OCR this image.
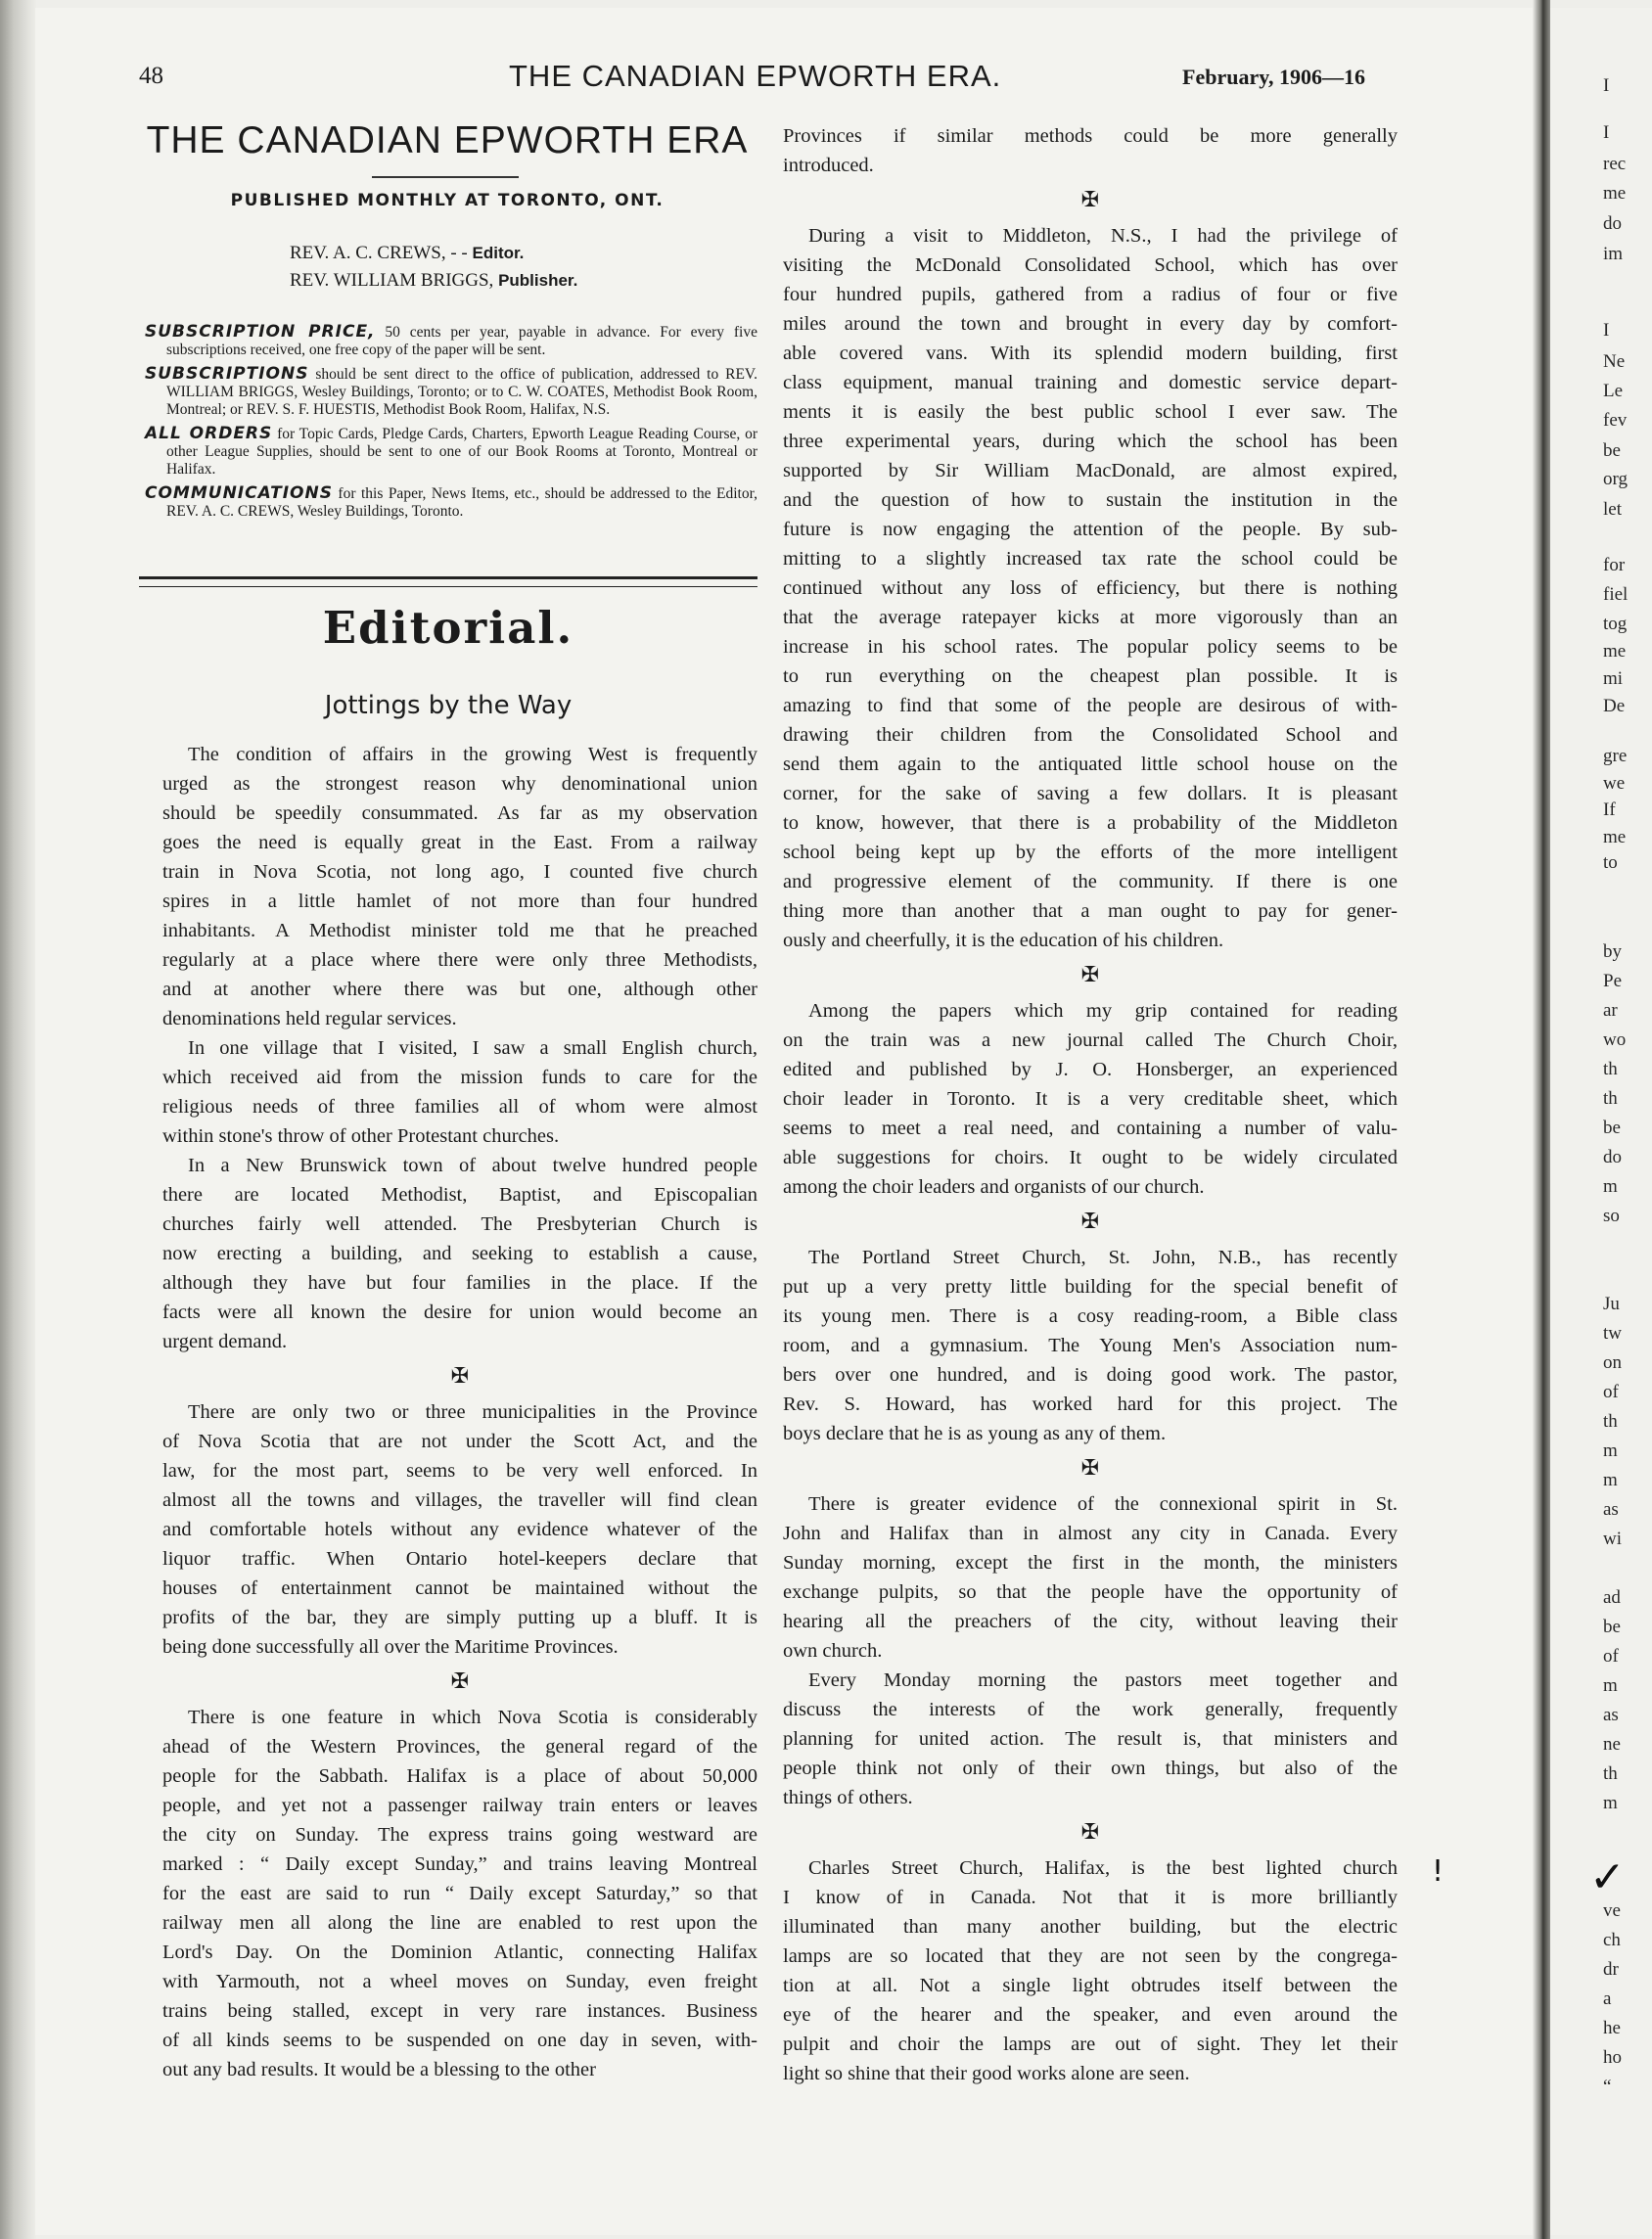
48	THE CANADIAN EPWORTH ERA.	February, 1906—16
THE CANADIAN EPWORTH ERA
PUBLISHED MONTHLY AT TORONTO, ONT.
REV. A. C. CREWS, - - Editor.
REV. WILLIAM BRIGGS, Publisher.
SUBSCRIPTION PRICE, 50 cents per year, payable in advance. For every five subscriptions received, one free copy of the paper will be sent.
SUBSCRIPTIONS should be sent direct to the office of publication, addressed to REV. WILLIAM BRIGGS, Wesley Buildings, Toronto; or to C. W. COATES, Methodist Book Room, Montreal; or REV. S. F. HUESTIS, Methodist Book Room, Halifax, N.S.
ALL ORDERS for Topic Cards, Pledge Cards, Charters, Epworth League Reading Course, or other League Supplies, should be sent to one of our Book Rooms at Toronto, Montreal or Halifax.
COMMUNICATIONS for this Paper, News Items, etc., should be addressed to the Editor, REV. A. C. CREWS, Wesley Buildings, Toronto.
Editorial.
Jottings by the Way
The condition of affairs in the growing West is frequently
urged as the strongest reason why denominational union
should be speedily consummated. As far as my observation
goes the need is equally great in the East. From a railway
train in Nova Scotia, not long ago, I counted five church
spires in a little hamlet of not more than four hundred
inhabitants. A Methodist minister told me that he preached
regularly at a place where there were only three Methodists,
and at another where there was but one, although other
denominations held regular services.
In one village that I visited, I saw a small English church,
which received aid from the mission funds to care for the
religious needs of three families all of whom were almost
within stone's throw of other Protestant churches.
In a New Brunswick town of about twelve hundred people
there are located Methodist, Baptist, and Episcopalian
churches fairly well attended. The Presbyterian Church is
now erecting a building, and seeking to establish a cause,
although they have but four families in the place. If the
facts were all known the desire for union would become an
urgent demand.
✠
There are only two or three municipalities in the Province
of Nova Scotia that are not under the Scott Act, and the
law, for the most part, seems to be very well enforced. In
almost all the towns and villages, the traveller will find clean
and comfortable hotels without any evidence whatever of the
liquor traffic. When Ontario hotel-keepers declare that
houses of entertainment cannot be maintained without the
profits of the bar, they are simply putting up a bluff. It is
being done successfully all over the Maritime Provinces.
✠
There is one feature in which Nova Scotia is considerably
ahead of the Western Provinces, the general regard of the
people for the Sabbath. Halifax is a place of about 50,000
people, and yet not a passenger railway train enters or leaves
the city on Sunday. The express trains going westward are
marked : “ Daily except Sunday,” and trains leaving Montreal
for the east are said to run “ Daily except Saturday,” so that
railway men all along the line are enabled to rest upon the
Lord's Day. On the Dominion Atlantic, connecting Halifax
with Yarmouth, not a wheel moves on Sunday, even freight
trains being stalled, except in very rare instances. Business
of all kinds seems to be suspended on one day in seven, with-
out any bad results. It would be a blessing to the other
Provinces if similar methods could be more generally
introduced.
✠
During a visit to Middleton, N.S., I had the privilege of
visiting the McDonald Consolidated School, which has over
four hundred pupils, gathered from a radius of four or five
miles around the town and brought in every day by comfort-
able covered vans. With its splendid modern building, first
class equipment, manual training and domestic service depart-
ments it is easily the best public school I ever saw. The
three experimental years, during which the school has been
supported by Sir William MacDonald, are almost expired,
and the question of how to sustain the institution in the
future is now engaging the attention of the people. By sub-
mitting to a slightly increased tax rate the school could be
continued without any loss of efficiency, but there is nothing
that the average ratepayer kicks at more vigorously than an
increase in his school rates. The popular policy seems to be
to run everything on the cheapest plan possible. It is
amazing to find that some of the people are desirous of with-
drawing their children from the Consolidated School and
send them again to the antiquated little school house on the
corner, for the sake of saving a few dollars. It is pleasant
to know, however, that there is a probability of the Middleton
school being kept up by the efforts of the more intelligent
and progressive element of the community. If there is one
thing more than another that a man ought to pay for gener-
ously and cheerfully, it is the education of his children.
✠
Among the papers which my grip contained for reading
on the train was a new journal called The Church Choir,
edited and published by J. O. Honsberger, an experienced
choir leader in Toronto. It is a very creditable sheet, which
seems to meet a real need, and containing a number of valu-
able suggestions for choirs. It ought to be widely circulated
among the choir leaders and organists of our church.
✠
The Portland Street Church, St. John, N.B., has recently
put up a very pretty little building for the special benefit of
its young men. There is a cosy reading-room, a Bible class
room, and a gymnasium. The Young Men's Association num-
bers over one hundred, and is doing good work. The pastor,
Rev. S. Howard, has worked hard for this project. The
boys declare that he is as young as any of them.
✠
There is greater evidence of the connexional spirit in St.
John and Halifax than in almost any city in Canada. Every
Sunday morning, except the first in the month, the ministers
exchange pulpits, so that the people have the opportunity of
hearing all the preachers of the city, without leaving their
own church.
Every Monday morning the pastors meet together and
discuss the interests of the work generally, frequently
planning for united action. The result is, that ministers and
people think not only of their own things, but also of the
things of others.
✠
Charles Street Church, Halifax, is the best lighted church
I know of in Canada. Not that it is more brilliantly
illuminated than many another building, but the electric
lamps are so located that they are not seen by the congrega-
tion at all. Not a single light obtrudes itself between the
eye of the hearer and the speaker, and even around the
pulpit and choir the lamps are out of sight. They let their
light so shine that their good works alone are seen.
!	✓
I
I
rec
me
do
im
I
Ne
Le
fev
be
org
let
for
fiel
tog
me
mi
De
gre
we
If
me
to
by
Pe
ar
wo
th
th
be
do
m
so
Ju
tw
on
of
th
m
m
as
wi
ad
be
of
m
as
ne
th
m
ve
ch
dr
a
he
ho
“
